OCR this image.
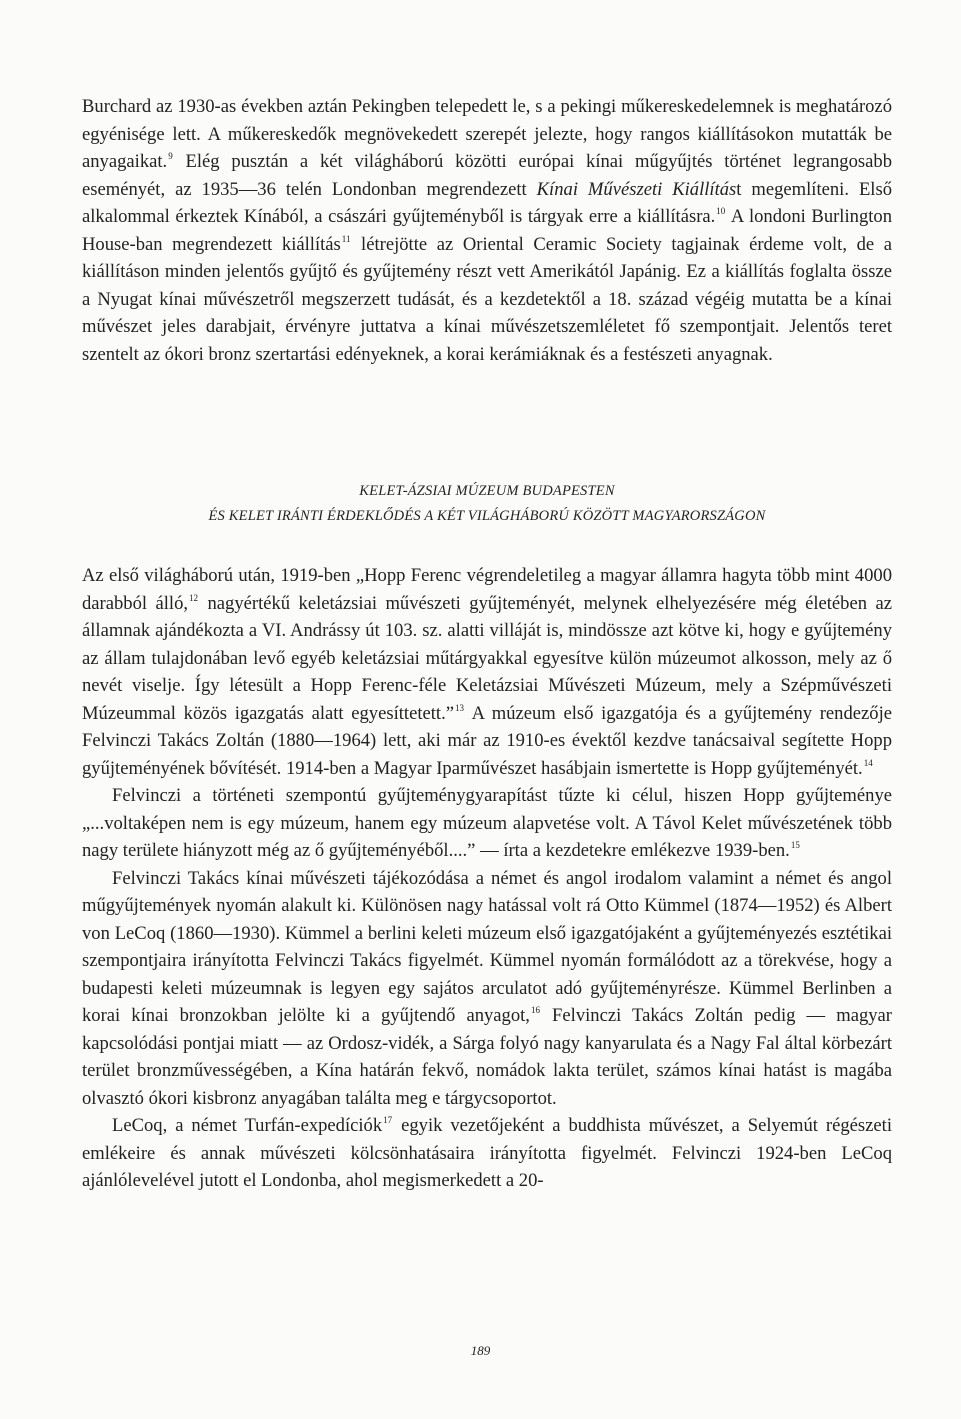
Burchard az 1930-as években aztán Pekingben telepedett le, s a pekingi műkereskedelemnek is meghatározó egyénisége lett. A műkereskedők megnövekedett szerepét jelezte, hogy rangos kiállításokon mutatták be anyagaikat.$^9$ Elég pusztán a két világháború közötti európai kínai műgyűjtés történet legrangosabb eseményét, az 1935—36 telén Londonban megrendezett Kínai Művészeti Kiállítást megemlíteni. Első alkalommal érkeztek Kínából, a császári gyűjteményből is tárgyak erre a kiállításra.$^{10}$ A londoni Burlington House-ban megrendezett kiállítás$^{11}$ létrejötte az Oriental Ceramic Society tagjainak érdeme volt, de a kiállításon minden jelentős gyűjtő és gyűjtemény részt vett Amerikától Japánig. Ez a kiállítás foglalta össze a Nyugat kínai művészetről megszerzett tudását, és a kezdetektől a 18. század végéig mutatta be a kínai művészet jeles darabjait, érvényre juttatva a kínai művészetszemléletet fő szempontjait. Jelentős teret szentelt az ókori bronz szertartási edényeknek, a korai kerámiáknak és a festészeti anyagnak.

KELET-ÁZSIAI MÚZEUM BUDAPESTEN
ÉS KELET IRÁNTI ÉRDEKLŐDÉS A KÉT VILÁGHÁBORÚ KÖZÖTT MAGYARORSZÁGON

Az első világháború után, 1919-ben „Hopp Ferenc végrendeletileg a magyar államra hagyta több mint 4000 darabból álló,$^{12}$ nagyértékű keletázsiai művészeti gyűjteményét, melynek elhelyezésére még életében az államnak ajándékozta a VI. Andrássy út 103. sz. alatti villáját is, mindössze azt kötve ki, hogy e gyűjtemény az állam tulajdonában levő egyéb keletázsiai műtárgyakkal egyesítve külön múzeumot alkosson, mely az ő nevét viselje. Így létesült a Hopp Ferenc-féle Keletázsiai Művészeti Múzeum, mely a Szépművészeti Múzeummal közös igazgatás alatt egyesíttetett.”$^{13}$ A múzeum első igazgatója és a gyűjtemény rendezője Felvinczi Takács Zoltán (1880—1964) lett, aki már az 1910-es évektől kezdve tanácsaival segítette Hopp gyűjteményének bővítését. 1914-ben a Magyar Iparművészet hasábjain ismertette is Hopp gyűjteményét.$^{14}$

Felvinczi a történeti szempontú gyűjteménygyarapítást tűzte ki célul, hiszen Hopp gyűjteménye „...voltaképen nem is egy múzeum, hanem egy múzeum alapvetése volt. A Távol Kelet művészetének több nagy területe hiányzott még az ő gyűjteményéből....” — írta a kezdetekre emlékezve 1939-ben.$^{15}$

Felvinczi Takács kínai művészeti tájékozódása a német és angol irodalom valamint a német és angol műgyűjtemények nyomán alakult ki. Különösen nagy hatással volt rá Otto Kümmel (1874—1952) és Albert von LeCoq (1860—1930). Kümmel a berlini keleti múzeum első igazgatójaként a gyűjteményezés esztétikai szempontjaira irányította Felvinczi Takács figyelmét. Kümmel nyomán formálódott az a törekvése, hogy a budapesti keleti múzeumnak is legyen egy sajátos arculatot adó gyűjteményrésze. Kümmel Berlinben a korai kínai bronzokban jelölte ki a gyűjtendő anyagot,$^{16}$ Felvinczi Takács Zoltán pedig — magyar kapcsolódási pontjai miatt — az Ordosz-vidék, a Sárga folyó nagy kanyarulata és a Nagy Fal által körbezárt terület bronzművességében, a Kína határán fekvő, nomádok lakta terület, számos kínai hatást is magába olvasztó ókori kisbronz anyagában találta meg e tárgycsoportot.

LeCoq, a német Turfán-expedíciók$^{17}$ egyik vezetőjeként a buddhista művészet, a Selyemút régészeti emlékeire és annak művészeti kölcsönhatásaira irányította figyelmét. Felvinczi 1924-ben LeCoq ajánlólevelével jutott el Londonba, ahol megismerkedett a 20-

189
